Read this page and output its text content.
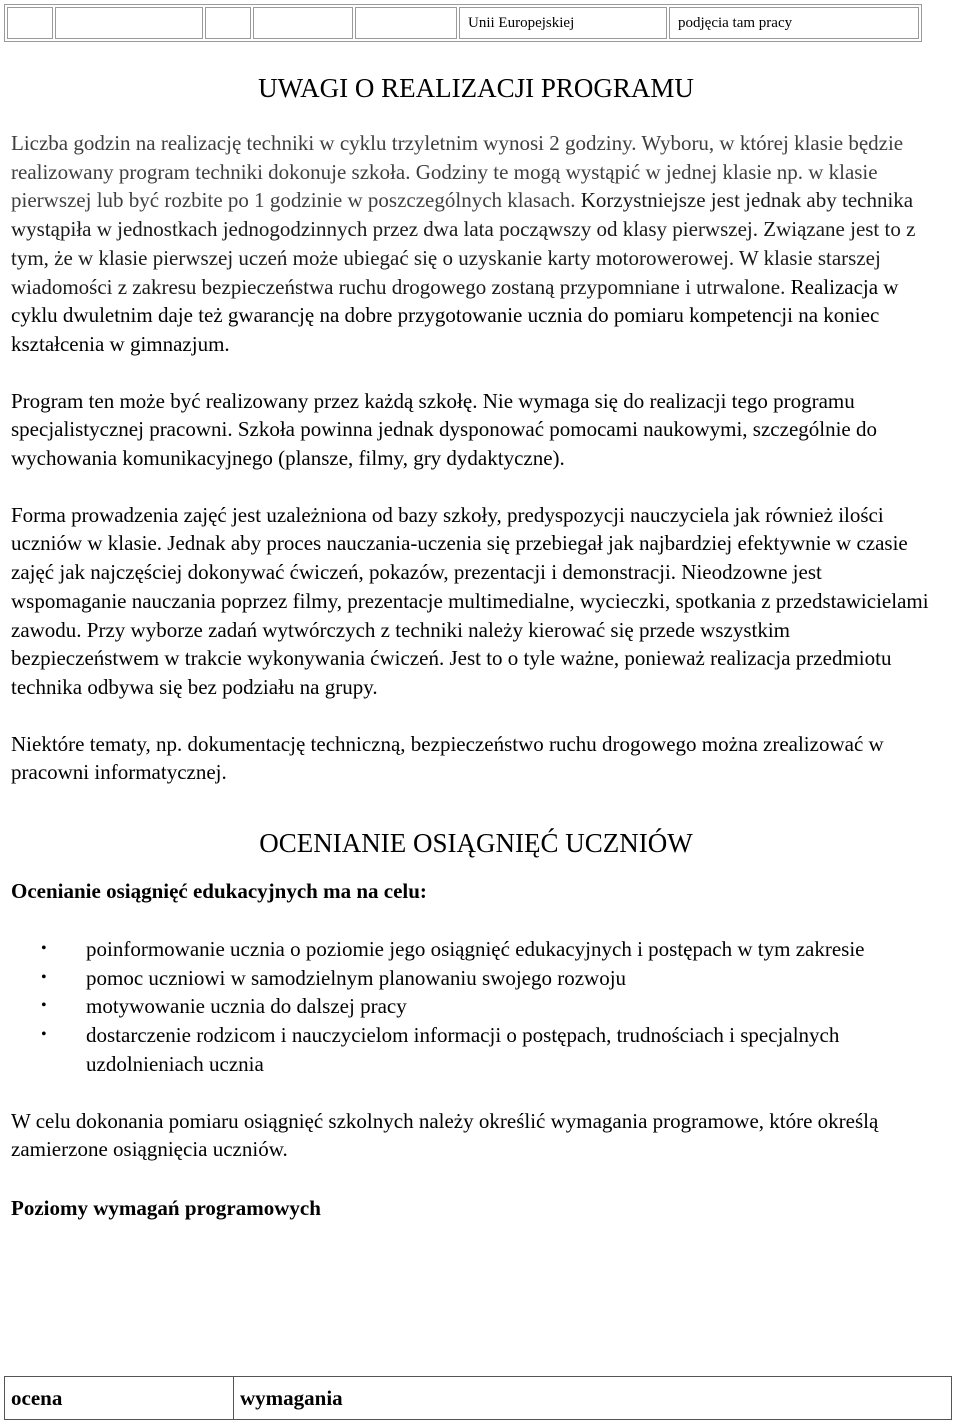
					Unii Europejskiej	podjęcia tam pracy
UWAGI O REALIZACJI PROGRAMU

Liczba godzin na realizację techniki w cyklu trzyletnim wynosi 2 godziny. Wyboru, w której klasie będzie realizowany program techniki dokonuje szkoła. Godziny te mogą wystąpić w jednej klasie np. w klasie pierwszej lub być rozbite po 1 godzinie w poszczególnych klasach. Korzystniejsze jest jednak aby technika wystąpiła w jednostkach jednogodzinnych przez dwa lata począwszy od klasy pierwszej. Związane jest to z tym, że w klasie pierwszej uczeń może ubiegać się o uzyskanie karty motorowerowej. W klasie starszej wiadomości z zakresu bezpieczeństwa ruchu drogowego zostaną przypomniane i utrwalone. Realizacja w cyklu dwuletnim daje też gwarancję na dobre przygotowanie ucznia do pomiaru kompetencji na koniec kształcenia w gimnazjum.

Program ten może być realizowany przez każdą szkołę. Nie wymaga się do realizacji tego programu specjalistycznej pracowni. Szkoła powinna jednak dysponować pomocami naukowymi, szczególnie do wychowania komunikacyjnego (plansze, filmy, gry dydaktyczne).

Forma prowadzenia zajęć jest uzależniona od bazy szkoły, predyspozycji nauczyciela jak również ilości uczniów w klasie. Jednak aby proces nauczania-uczenia się przebiegał jak najbardziej efektywnie w czasie zajęć jak najczęściej dokonywać ćwiczeń, pokazów, prezentacji i demonstracji. Nieodzowne jest wspomaganie nauczania poprzez filmy, prezentacje multimedialne, wycieczki, spotkania z przedstawicielami zawodu. Przy wyborze zadań wytwórczych z techniki należy kierować się przede wszystkim bezpieczeństwem w trakcie wykonywania ćwiczeń. Jest to o tyle ważne, ponieważ realizacja przedmiotu technika odbywa się bez podziału na grupy.

Niektóre tematy, np. dokumentację techniczną, bezpieczeństwo ruchu drogowego można zrealizować w pracowni informatycznej.

OCENIANIE OSIĄGNIĘĆ UCZNIÓW
Ocenianie osiągnięć edukacyjnych ma na celu:
• poinformowanie ucznia o poziomie jego osiągnięć edukacyjnych i postępach w tym zakresie
• pomoc uczniowi w samodzielnym planowaniu swojego rozwoju
• motywowanie ucznia do dalszej pracy
• dostarczenie rodzicom i nauczycielom informacji o postępach, trudnościach i specjalnych uzdolnieniach ucznia

W celu dokonania pomiaru osiągnięć szkolnych należy określić wymagania programowe, które określą zamierzone osiągnięcia uczniów.

Poziomy wymagań programowych
ocena	wymagania
